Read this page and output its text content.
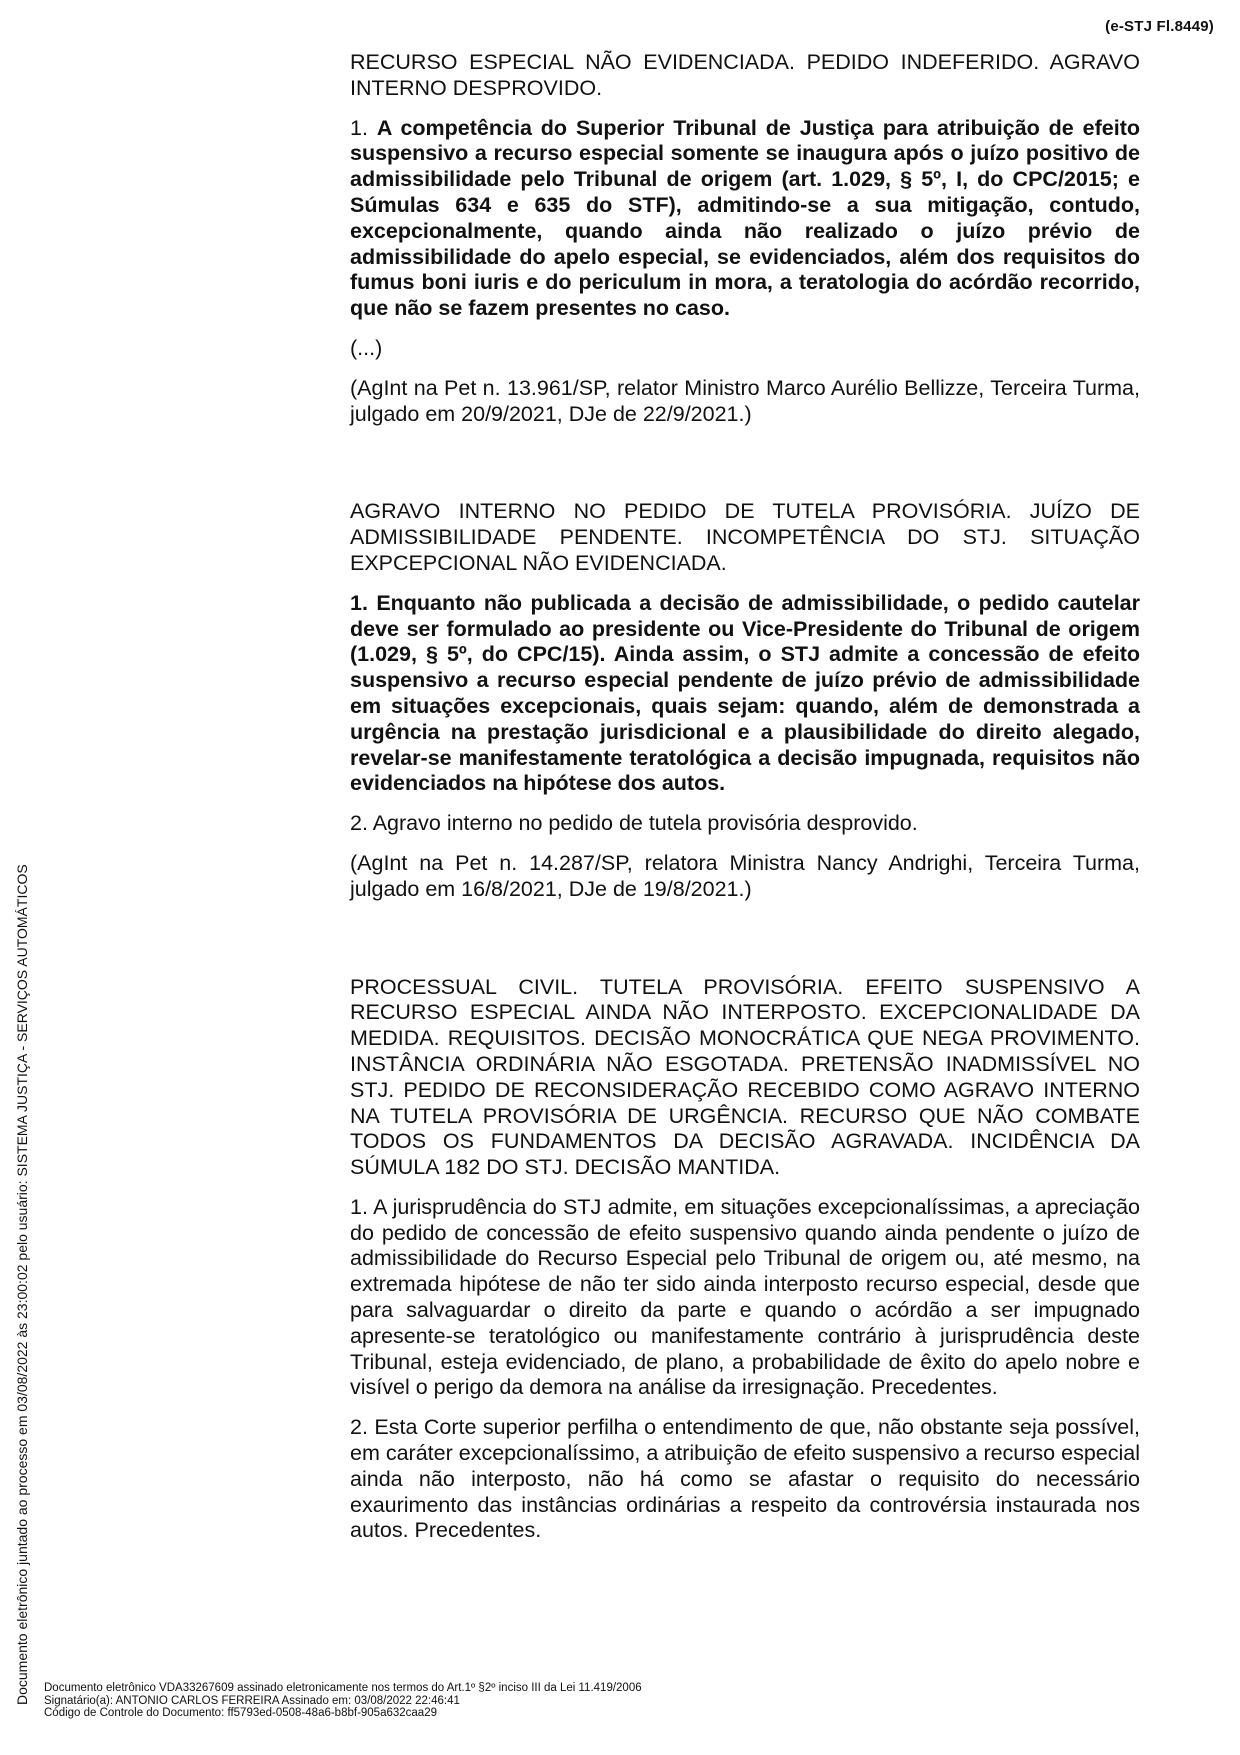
(e-STJ Fl.8449)

RECURSO ESPECIAL NÃO EVIDENCIADA. PEDIDO INDEFERIDO. AGRAVO INTERNO DESPROVIDO.

1. A competência do Superior Tribunal de Justiça para atribuição de efeito suspensivo a recurso especial somente se inaugura após o juízo positivo de admissibilidade pelo Tribunal de origem (art. 1.029, § 5º, I, do CPC/2015; e Súmulas 634 e 635 do STF), admitindo-se a sua mitigação, contudo, excepcionalmente, quando ainda não realizado o juízo prévio de admissibilidade do apelo especial, se evidenciados, além dos requisitos do fumus boni iuris e do periculum in mora, a teratologia do acórdão recorrido, que não se fazem presentes no caso.

(...)

(AgInt na Pet n. 13.961/SP, relator Ministro Marco Aurélio Bellizze, Terceira Turma, julgado em 20/9/2021, DJe de 22/9/2021.)

AGRAVO INTERNO NO PEDIDO DE TUTELA PROVISÓRIA. JUÍZO DE ADMISSIBILIDADE PENDENTE. INCOMPETÊNCIA DO STJ. SITUAÇÃO EXPCEPCIONAL NÃO EVIDENCIADA.

1. Enquanto não publicada a decisão de admissibilidade, o pedido cautelar deve ser formulado ao presidente ou Vice-Presidente do Tribunal de origem (1.029, § 5º, do CPC/15). Ainda assim, o STJ admite a concessão de efeito suspensivo a recurso especial pendente de juízo prévio de admissibilidade em situações excepcionais, quais sejam: quando, além de demonstrada a urgência na prestação jurisdicional e a plausibilidade do direito alegado, revelar-se manifestamente teratológica a decisão impugnada, requisitos não evidenciados na hipótese dos autos.

2. Agravo interno no pedido de tutela provisória desprovido.

(AgInt na Pet n. 14.287/SP, relatora Ministra Nancy Andrighi, Terceira Turma, julgado em 16/8/2021, DJe de 19/8/2021.)

PROCESSUAL CIVIL. TUTELA PROVISÓRIA. EFEITO SUSPENSIVO A RECURSO ESPECIAL AINDA NÃO INTERPOSTO. EXCEPCIONALIDADE DA MEDIDA. REQUISITOS. DECISÃO MONOCRÁTICA QUE NEGA PROVIMENTO. INSTÂNCIA ORDINÁRIA NÃO ESGOTADA. PRETENSÃO INADMISSÍVEL NO STJ. PEDIDO DE RECONSIDERAÇÃO RECEBIDO COMO AGRAVO INTERNO NA TUTELA PROVISÓRIA DE URGÊNCIA. RECURSO QUE NÃO COMBATE TODOS OS FUNDAMENTOS DA DECISÃO AGRAVADA. INCIDÊNCIA DA SÚMULA 182 DO STJ. DECISÃO MANTIDA.

1. A jurisprudência do STJ admite, em situações excepcionalíssimas, a apreciação do pedido de concessão de efeito suspensivo quando ainda pendente o juízo de admissibilidade do Recurso Especial pelo Tribunal de origem ou, até mesmo, na extremada hipótese de não ter sido ainda interposto recurso especial, desde que para salvaguardar o direito da parte e quando o acórdão a ser impugnado apresente-se teratológico ou manifestamente contrário à jurisprudência deste Tribunal, esteja evidenciado, de plano, a probabilidade de êxito do apelo nobre e visível o perigo da demora na análise da irresignação. Precedentes.

2. Esta Corte superior perfilha o entendimento de que, não obstante seja possível, em caráter excepcionalíssimo, a atribuição de efeito suspensivo a recurso especial ainda não interposto, não há como se afastar o requisito do necessário exaurimento das instâncias ordinárias a respeito da controvérsia instaurada nos autos. Precedentes.

Documento eletrônico juntado ao processo em 03/08/2022 às 23:00:02 pelo usuário: SISTEMA JUSTIÇA - SERVIÇOS AUTOMÁTICOS Documento eletrônico VDA33267609 assinado eletronicamente nos termos do Art.1º §2º inciso III da Lei 11.419/2006
Signatário(a): ANTONIO CARLOS FERREIRA Assinado em: 03/08/2022 22:46:41
Código de Controle do Documento: ff5793ed-0508-48a6-b8bf-905a632caa29
